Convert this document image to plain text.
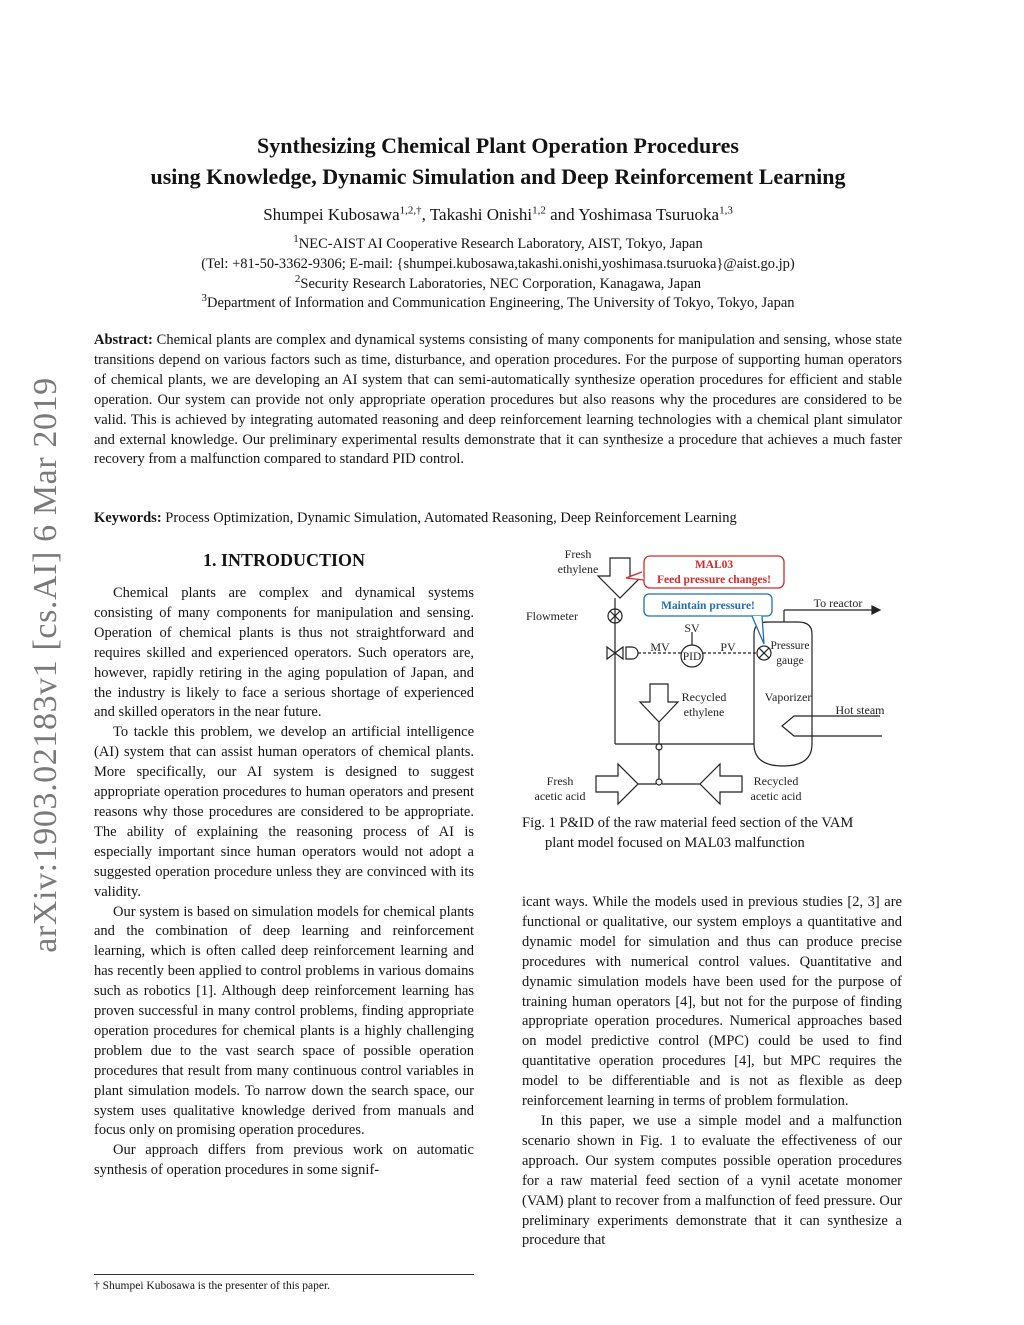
arXiv:1903.02183v1 [cs.AI] 6 Mar 2019
Synthesizing Chemical Plant Operation Procedures
using Knowledge, Dynamic Simulation and Deep Reinforcement Learning
Shumpei Kubosawa$^{1,2,\dagger}$, Takashi Onishi$^{1,2}$ and Yoshimasa Tsuruoka$^{1,3}$
$^1$NEC-AIST AI Cooperative Research Laboratory, AIST, Tokyo, Japan
(Tel: +81-50-3362-9306; E-mail: {shumpei.kubosawa,takashi.onishi,yoshimasa.tsuruoka}@aist.go.jp)
$^2$Security Research Laboratories, NEC Corporation, Kanagawa, Japan
$^3$Department of Information and Communication Engineering, The University of Tokyo, Tokyo, Japan

Abstract: Chemical plants are complex and dynamical systems consisting of many components for manipulation and sensing, whose state transitions depend on various factors such as time, disturbance, and operation procedures. For the purpose of supporting human operators of chemical plants, we are developing an AI system that can semi-automatically synthesize operation procedures for efficient and stable operation. Our system can provide not only appropriate operation procedures but also reasons why the procedures are considered to be valid. This is achieved by integrating automated reasoning and deep reinforcement learning technologies with a chemical plant simulator and external knowledge. Our preliminary experimental results demonstrate that it can synthesize a procedure that achieves a much faster recovery from a malfunction compared to standard PID control.

Keywords: Process Optimization, Dynamic Simulation, Automated Reasoning, Deep Reinforcement Learning

1. INTRODUCTION

Chemical plants are complex and dynamical systems consisting of many components for manipulation and sensing. Operation of chemical plants is thus not straightforward and requires skilled and experienced operators. Such operators are, however, rapidly retiring in the aging population of Japan, and the industry is likely to face a serious shortage of experienced and skilled operators in the near future.

To tackle this problem, we develop an artificial intelligence (AI) system that can assist human operators of chemical plants. More specifically, our AI system is designed to suggest appropriate operation procedures to human operators and present reasons why those procedures are considered to be appropriate. The ability of explaining the reasoning process of AI is especially important since human operators would not adopt a suggested operation procedure unless they are convinced with its validity.

Our system is based on simulation models for chemical plants and the combination of deep learning and reinforcement learning, which is often called deep reinforcement learning and has recently been applied to control problems in various domains such as robotics [1]. Although deep reinforcement learning has proven successful in many control problems, finding appropriate operation procedures for chemical plants is a highly challenging problem due to the vast search space of possible operation procedures that result from many continuous control variables in plant simulation models. To narrow down the search space, our system uses qualitative knowledge derived from manuals and focus only on promising operation procedures.

Our approach differs from previous work on automatic synthesis of operation procedures in some signif-

Fresh
ethylene	MAL03
Feed pressure changes!
Maintain pressure!	To reactor
Flowmeter
SV
MV
PID
PV	Pressure
gauge
Recycled
ethylene
Vaporizer
Hot steam
Fresh
acetic acid
Recycled
acetic acid
Fig. 1 P&ID of the raw material feed section of the VAM
plant model focused on MAL03 malfunction

icant ways. While the models used in previous studies [2, 3] are functional or qualitative, our system employs a quantitative and dynamic model for simulation and thus can produce precise procedures with numerical control values. Quantitative and dynamic simulation models have been used for the purpose of training human operators [4], but not for the purpose of finding appropriate operation procedures. Numerical approaches based on model predictive control (MPC) could be used to find quantitative operation procedures [4], but MPC requires the model to be differentiable and is not as flexible as deep reinforcement learning in terms of problem formulation.

In this paper, we use a simple model and a malfunction scenario shown in Fig. 1 to evaluate the effectiveness of our approach. Our system computes possible operation procedures for a raw material feed section of a vynil acetate monomer (VAM) plant to recover from a malfunction of feed pressure. Our preliminary experiments demonstrate that it can synthesize a procedure that

† Shumpei Kubosawa is the presenter of this paper.
